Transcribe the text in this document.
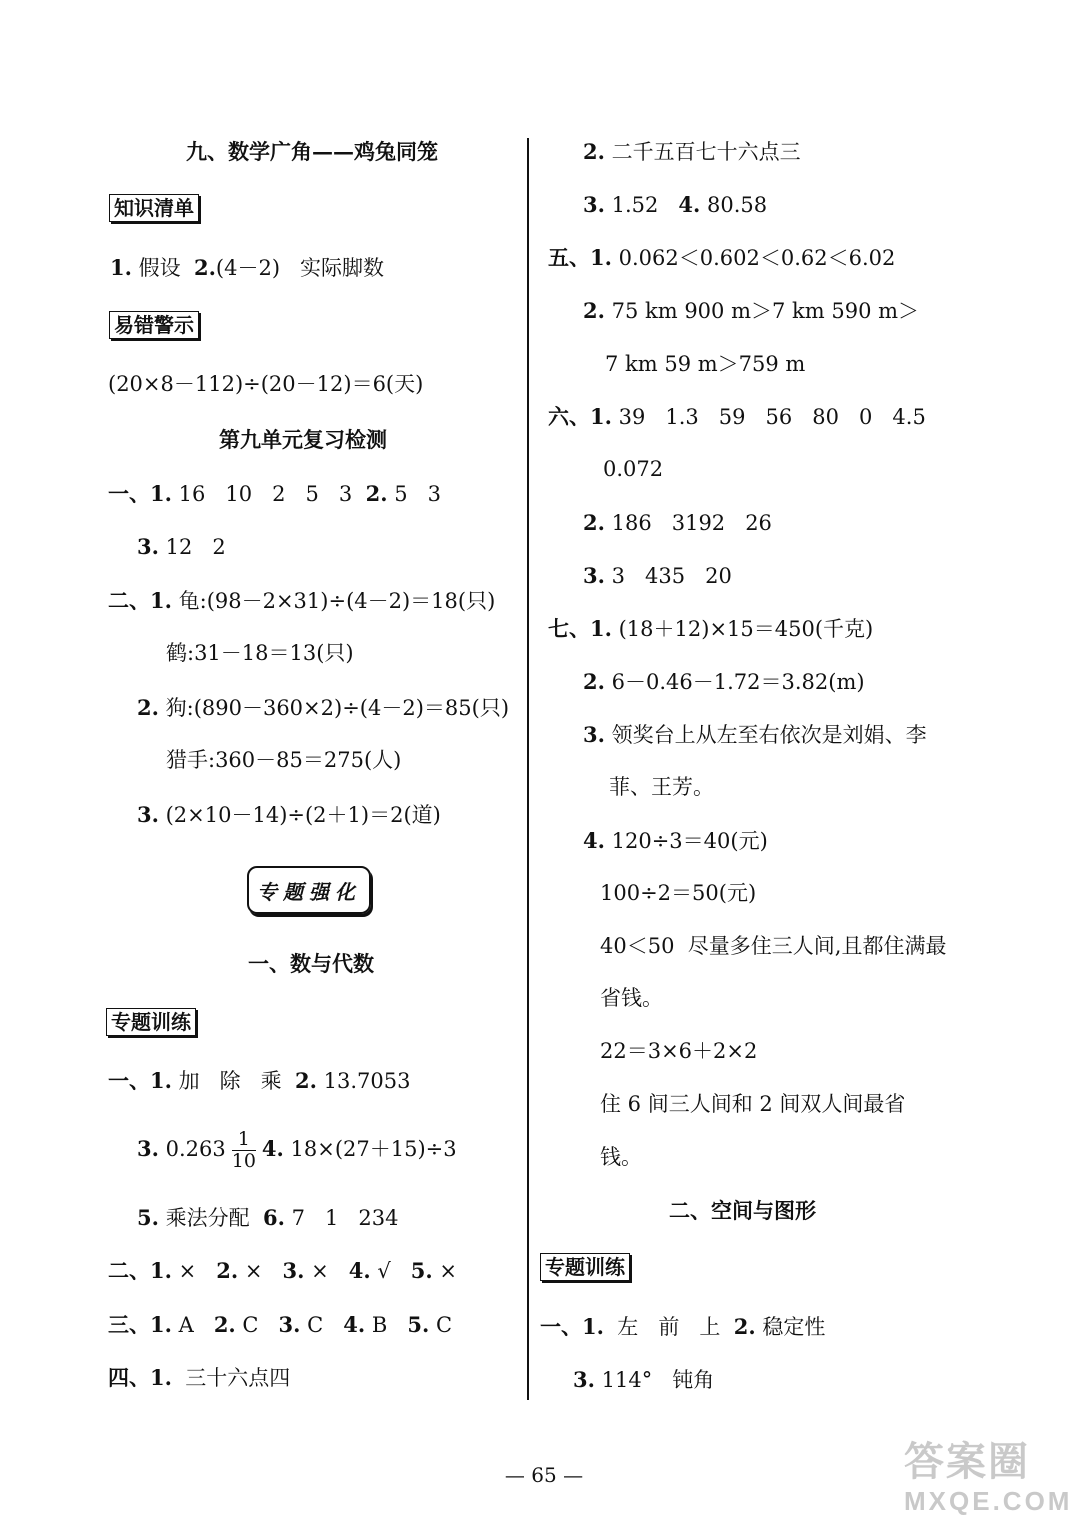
九、数学广角——鸡兔同笼
知识清单
1. 假设  2.(4－2)   实际脚数
易错警示
(20×8－112)÷(20－12)＝6(天)
第九单元复习检测
一、1. 16   10   2   5   3  2. 5   3
3. 12   2
二、1. 龟:(98－2×31)÷(4－2)＝18(只)
鹤:31－18＝13(只)
2. 狗:(890－360×2)÷(4－2)＝85(只)
猎手:360－85＝275(人)
3. (2×10－14)÷(2＋1)＝2(道)
专题强化
一、数与代数
专题训练
一、1. 加   除   乘  2. 13.7053
3. $0.263 \frac{1}{10} 4$. 18×(27＋15)÷3
5. 乘法分配  6. 7   1   234
二、1. ×   2. ×   3. ×   4. √   5. ×
三、1. A   2. C   3. C   4. B   5. C
四、1.  三十六点四
2. 二千五百七十六点三
3. 1.52   4. 80.58
五、1. 0.062＜0.602＜0.62＜6.02
2. 75 km 900 m＞7 km 590 m＞
7 km 59 m＞759 m
六、1. 39   1.3   59   56   80   0   4.5
0.072
2. 186   3192   26
3. 3   435   20
七、1. (18＋12)×15＝450(千克)
2. 6－0.46－1.72＝3.82(m)
3. 领奖台上从左至右依次是刘娟、李
菲、王芳。
4. 120÷3＝40(元)
100÷2＝50(元)
40＜50  尽量多住三人间,且都住满最
省钱。
22＝3×6＋2×2
住 6 间三人间和 2 间双人间最省
钱。
二、空间与图形
专题训练
一、1.  左   前   上  2. 稳定性
3. 114°   钝角
— 65 —	答案圈
MXQE.COM
